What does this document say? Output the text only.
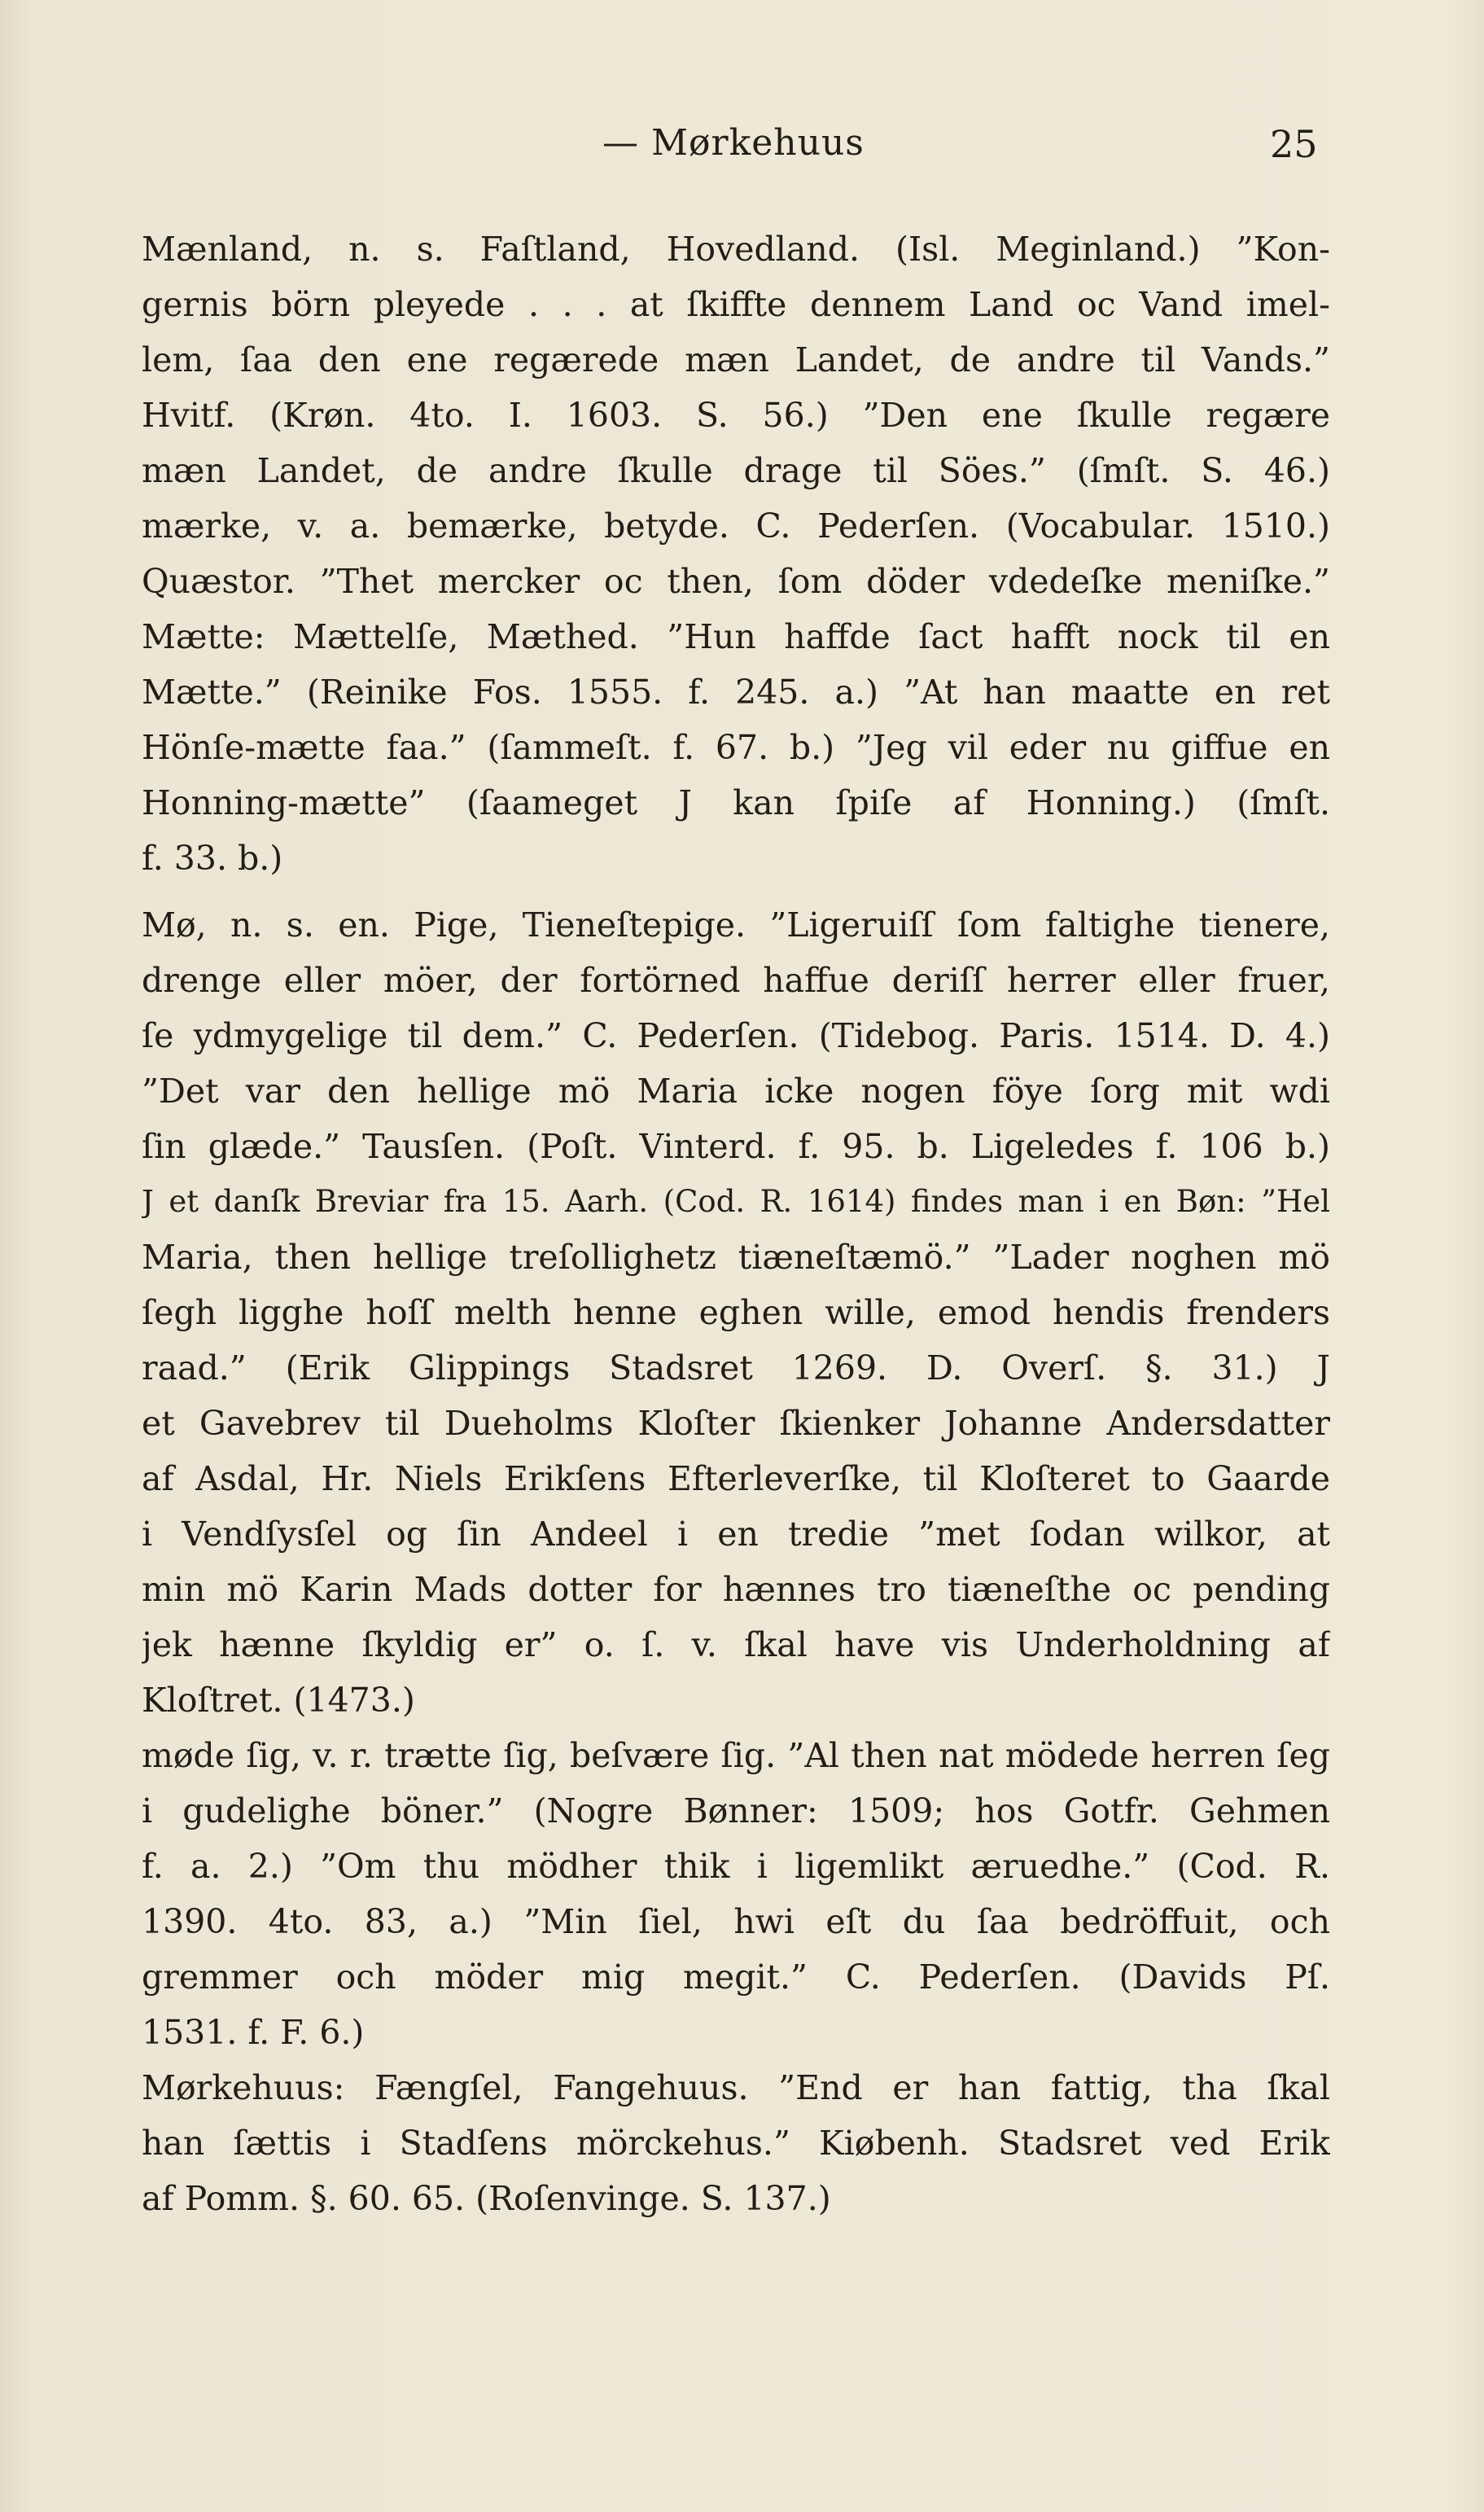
— Mørkehuus	25
Mænland, n. s. Faſtland, Hovedland. (Isl. Meginland.) ”Kon-
gernis börn pleyede . . . at ſkiffte dennem Land oc Vand imel-
lem, ſaa den ene regærede mæn Landet, de andre til Vands.”
Hvitf. (Krøn. 4to. I. 1603. S. 56.) ”Den ene ſkulle regære
mæn Landet, de andre ſkulle drage til Söes.” (ſmſt. S. 46.)
mærke, v. a. bemærke, betyde. C. Pederſen. (Vocabular. 1510.)
Quæstor. ”Thet mercker oc then, ſom döder vdedeſke meniſke.”
Mætte: Mættelſe, Mæthed. ”Hun haffde ſact hafft nock til en
Mætte.” (Reinike Fos. 1555. f. 245. a.) ”At han maatte en ret
Hönſe-mætte faa.” (ſammeſt. f. 67. b.) ”Jeg vil eder nu giffue en
Honning-mætte” (ſaameget J kan ſpiſe af Honning.) (ſmſt.
f. 33. b.)
Mø, n. s. en. Pige, Tieneſtepige. ”Ligeruiſſ ſom faltighe tienere,
drenge eller möer, der fortörned haffue deriſſ herrer eller fruer,
ſe ydmygelige til dem.” C. Pederſen. (Tidebog. Paris. 1514. D. 4.)
”Det var den hellige mö Maria icke nogen föye ſorg mit wdi
ſin glæde.” Tausſen. (Poſt. Vinterd. f. 95. b. Ligeledes f. 106 b.)
J et danſk Breviar fra 15. Aarh. (Cod. R. 1614) findes man i en Bøn: ”Hel
Maria, then hellige treſollighetz tiæneſtæmö.” ”Lader noghen mö
ſegh ligghe hoſſ melth henne eghen wille, emod hendis frenders
raad.” (Erik Glippings Stadsret 1269. D. Overſ. §. 31.) J
et Gavebrev til Dueholms Kloſter ſkienker Johanne Andersdatter
af Asdal, Hr. Niels Erikſens Efterleverſke, til Kloſteret to Gaarde
i Vendſysſel og ſin Andeel i en tredie ”met ſodan wilkor, at
min mö Karin Mads dotter for hænnes tro tiæneſthe oc pending
jek hænne ſkyldig er” o. ſ. v. ſkal have vis Underholdning af
Kloſtret. (1473.)
møde ſig, v. r. trætte ſig, beſvære ſig. ”Al then nat mödede herren ſeg
i gudelighe böner.” (Nogre Bønner: 1509; hos Gotfr. Gehmen
f. a. 2.) ”Om thu mödher thik i ligemlikt æruedhe.” (Cod. R.
1390. 4to. 83, a.) ”Min ſiel, hwi eſt du ſaa bedröffuit, och
gremmer och möder mig megit.” C. Pederſen. (Davids Pſ.
1531. f. F. 6.)
Mørkehuus: Fængſel, Fangehuus. ”End er han fattig, tha ſkal
han ſættis i Stadſens mörckehus.” Kiøbenh. Stadsret ved Erik
af Pomm. §. 60. 65. (Roſenvinge. S. 137.)
